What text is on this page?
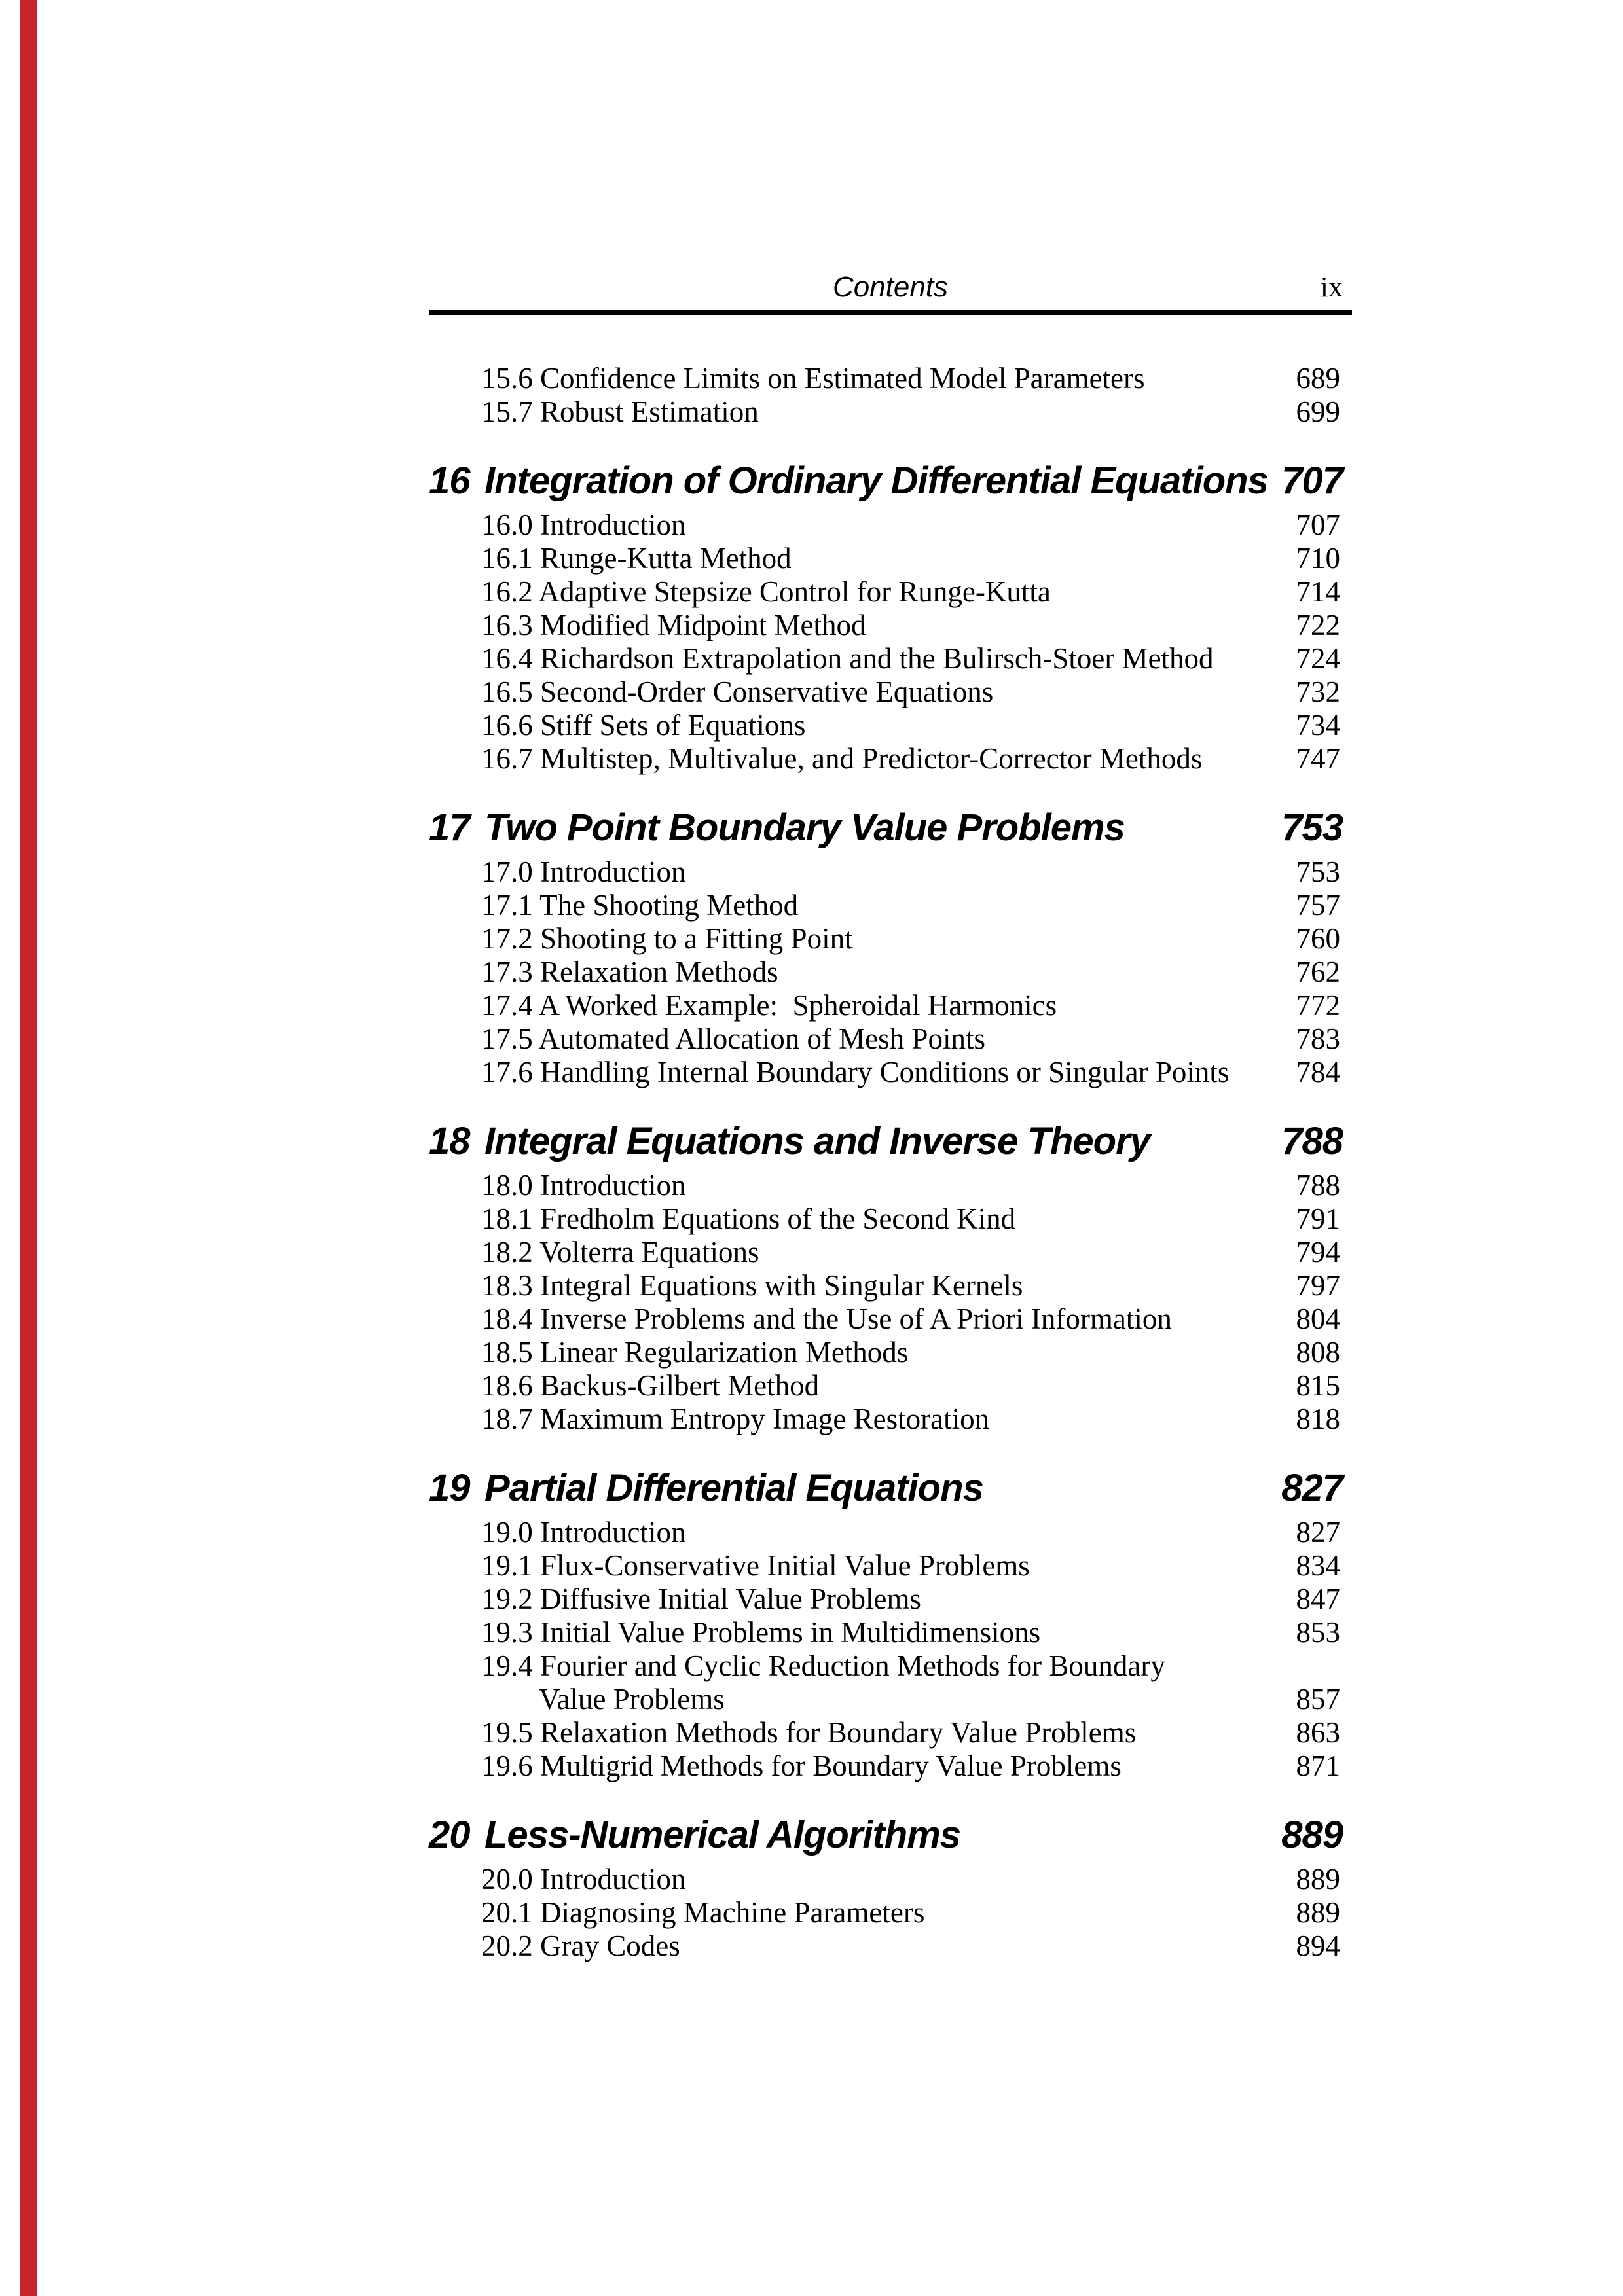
Contents	ix
15.6 Confidence Limits on Estimated Model Parameters	689
15.7 Robust Estimation	699
16 Integration of Ordinary Differential Equations 707
16.0 Introduction	707
16.1 Runge-Kutta Method	710
16.2 Adaptive Stepsize Control for Runge-Kutta	714
16.3 Modified Midpoint Method	722
16.4 Richardson Extrapolation and the Bulirsch-Stoer Method	724
16.5 Second-Order Conservative Equations	732
16.6 Stiff Sets of Equations	734
16.7 Multistep, Multivalue, and Predictor-Corrector Methods	747
17 Two Point Boundary Value Problems	753
17.0 Introduction	753
17.1 The Shooting Method	757
17.2 Shooting to a Fitting Point	760
17.3 Relaxation Methods	762
17.4 A Worked Example: Spheroidal Harmonics	772
17.5 Automated Allocation of Mesh Points	783
17.6 Handling Internal Boundary Conditions or Singular Points	784
18 Integral Equations and Inverse Theory	788
18.0 Introduction	788
18.1 Fredholm Equations of the Second Kind	791
18.2 Volterra Equations	794
18.3 Integral Equations with Singular Kernels	797
18.4 Inverse Problems and the Use of A Priori Information	804
18.5 Linear Regularization Methods	808
18.6 Backus-Gilbert Method	815
18.7 Maximum Entropy Image Restoration	818
19 Partial Differential Equations	827
19.0 Introduction	827
19.1 Flux-Conservative Initial Value Problems	834
19.2 Diffusive Initial Value Problems	847
19.3 Initial Value Problems in Multidimensions	853
19.4 Fourier and Cyclic Reduction Methods for Boundary
Value Problems	857
19.5 Relaxation Methods for Boundary Value Problems	863
19.6 Multigrid Methods for Boundary Value Problems	871
20 Less-Numerical Algorithms	889
20.0 Introduction	889
20.1 Diagnosing Machine Parameters	889
20.2 Gray Codes	894
